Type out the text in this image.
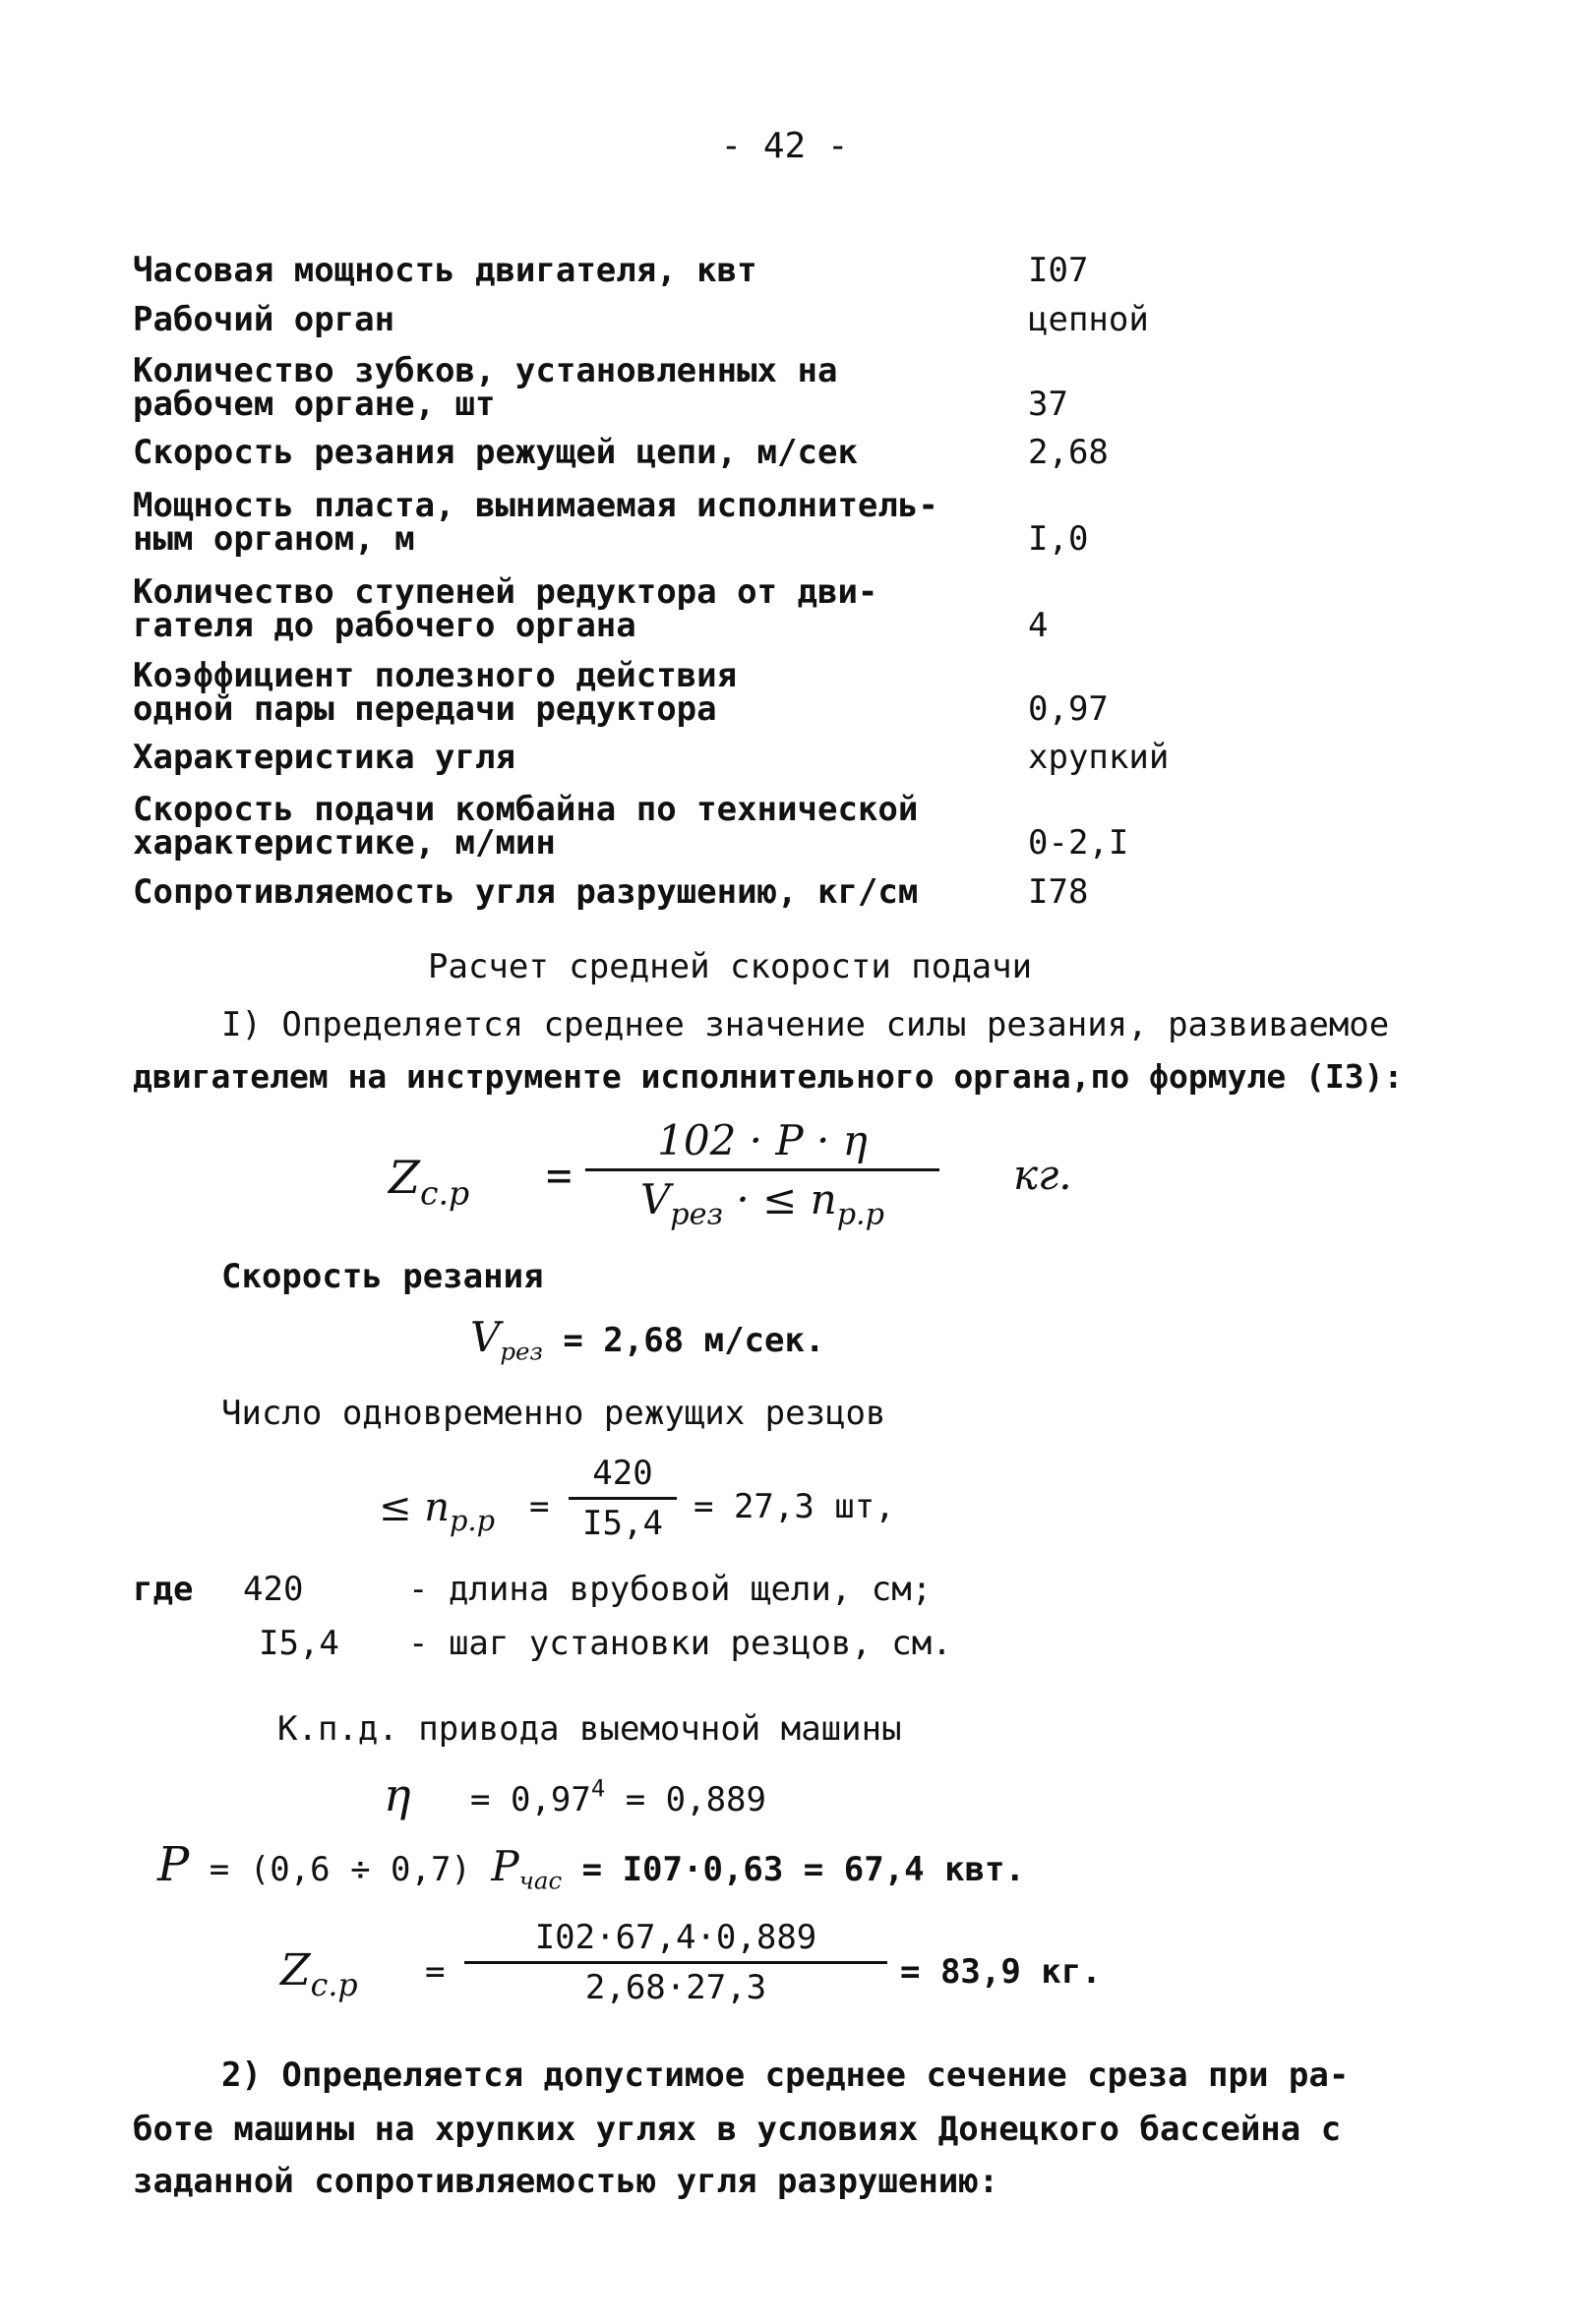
- 42 -
Часовая мощность двигателя, квт	I07
Рабочий орган	цепной
Количество зубков, установленных на
рабочем органе, шт	37
Скорость резания режущей цепи, м/сек	2,68
Мощность пласта, вынимаемая исполнитель-
ным органом, м	I,0
Количество ступеней редуктора от дви-
гателя до рабочего органа	4
Коэффициент полезного действия
одной пары передачи редуктора	0,97
Характеристика угля	хрупкий
Скорость подачи комбайна по технической
характеристике, м/мин	0-2,I
Сопротивляемость угля разрушению, кг/см	I78
Расчет средней скорости подачи
I) Определяется среднее значение силы резания, развиваемое
двигателем на инструменте исполнительного органа,по формуле (I3):
$Z_{c.p}$ =
102 · P · η
$V_{рез}$ · ≤ $n_{p.p}$
кг.
Скорость резания
$V_{рез} = 2,68$ м/сек.
Число одновременно режущих резцов
≤ $n_{p.p}$ =
420
I5,4 = 27,3 шт,
где 420	- длина врубовой щели, см;
I5,4 - шаг установки резцов, см.
К.п.д. привода выемочной машины
$\eta = 0,97^4 = 0,889$
P = (0,6 ÷ 0,7) $P_{час} = I07\cdot 0,63 = 67,4$ квт.
$Z_{c.p}$ =
I02·67,4·0,889
2,68·27,3	= 83,9 кг.
2) Определяется допустимое среднее сечение среза при ра-
боте машины на хрупких углях в условиях Донецкого бассейна с
заданной сопротивляемостью угля разрушению:
